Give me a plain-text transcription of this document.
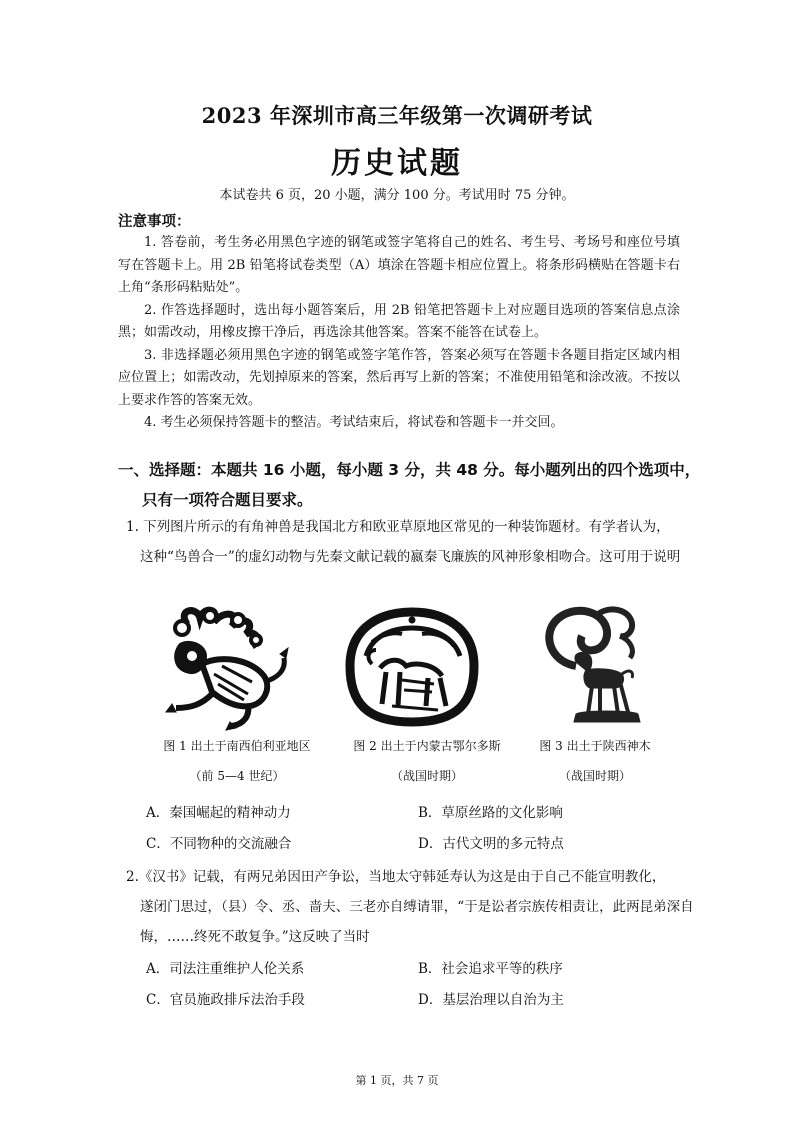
2023 年深圳市高三年级第一次调研考试
历史试题
本试卷共 6 页，20 小题，满分 100 分。考试用时 75 分钟。
注意事项：

1. 答卷前，考生务必用黑色字迹的钢笔或签字笔将自己的姓名、考生号、考场号和座位号填写在答题卡上。用 2B 铅笔将试卷类型（A）填涂在答题卡相应位置上。将条形码横贴在答题卡右上角“条形码粘贴处”。

2. 作答选择题时，选出每小题答案后，用 2B 铅笔把答题卡上对应题目选项的答案信息点涂黑；如需改动，用橡皮擦干净后，再选涂其他答案。答案不能答在试卷上。

3. 非选择题必须用黑色字迹的钢笔或签字笔作答，答案必须写在答题卡各题目指定区域内相应位置上；如需改动，先划掉原来的答案，然后再写上新的答案；不准使用铅笔和涂改液。不按以上要求作答的答案无效。

4. 考生必须保持答题卡的整洁。考试结束后，将试卷和答题卡一并交回。

一、选择题：本题共 16 小题，每小题 3 分，共 48 分。每小题列出的四个选项中，
只有一项符合题目要求。
1. 下列图片所示的有角神兽是我国北方和欧亚草原地区常见的一种装饰题材。有学者认为，
这种“鸟兽合一”的虚幻动物与先秦文献记载的嬴秦飞廉族的风神形象相吻合。这可用于说明
图 1 出土于南西伯利亚地区
（前 5—4 世纪）
图 2 出土于内蒙古鄂尔多斯
（战国时期）
图 3 出土于陕西神木
（战国时期）
A．秦国崛起的精神动力	B．草原丝路的文化影响
C．不同物种的交流融合	D．古代文明的多元特点
2.《汉书》记载，有两兄弟因田产争讼，当地太守韩延寿认为这是由于自己不能宣明教化，
遂闭门思过，（县）令、丞、啬夫、三老亦自缚请罪，“于是讼者宗族传相责让，此两昆弟深自悔，……终死不敢复争。”这反映了当时
A．司法注重维护人伦关系	B．社会追求平等的秩序
C．官员施政排斥法治手段	D．基层治理以自治为主
第 1 页，共 7 页
